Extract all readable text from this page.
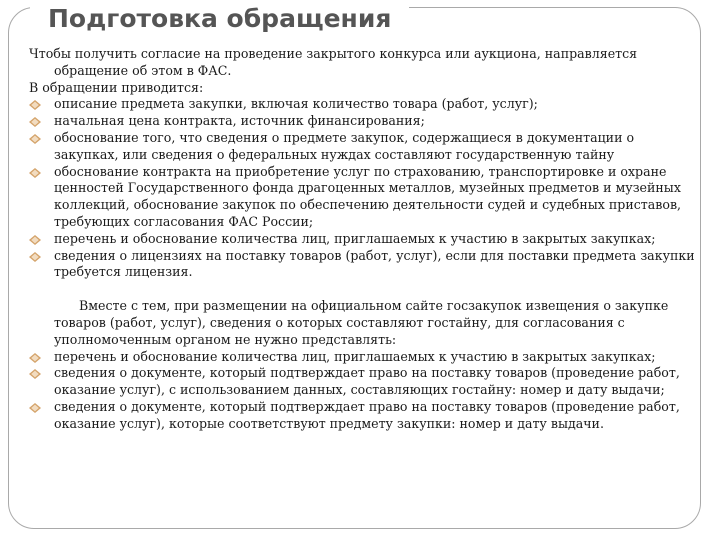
Подготовка обращения

Чтобы получить согласие на проведение закрытого конкурса или аукциона, направляется обращение об этом в ФАС.

В обращении приводится:

описание предмета закупки, включая количество товара (работ, услуг);
начальная цена контракта, источник финансирования;
обоснование того, что сведения о предмете закупок, содержащиеся в документации о закупках, или сведения о федеральных нуждах составляют государственную тайну
обоснование контракта на приобретение услуг по страхованию, транспортировке и охране ценностей Государственного фонда драгоценных металлов, музейных предметов и музейных коллекций, обоснование закупок по обеспечению деятельности судей и судебных приставов, требующих согласования ФАС России;
перечень и обоснование количества лиц, приглашаемых к участию в закрытых закупках;
сведения о лицензиях на поставку товаров (работ, услуг), если для поставки предмета закупки требуется лицензия.

Вместе с тем, при размещении на официальном сайте госзакупок извещения о закупке товаров (работ, услуг), сведения о которых составляют гостайну, для согласования с уполномоченным органом не нужно представлять:

перечень и обоснование количества лиц, приглашаемых к участию в закрытых закупках;
сведения о документе, который подтверждает право на поставку товаров (проведение работ, оказание услуг), с использованием данных, составляющих гостайну: номер и дату выдачи;
сведения о документе, который подтверждает право на поставку товаров (проведение работ, оказание услуг), которые соответствуют предмету закупки: номер и дату выдачи.
